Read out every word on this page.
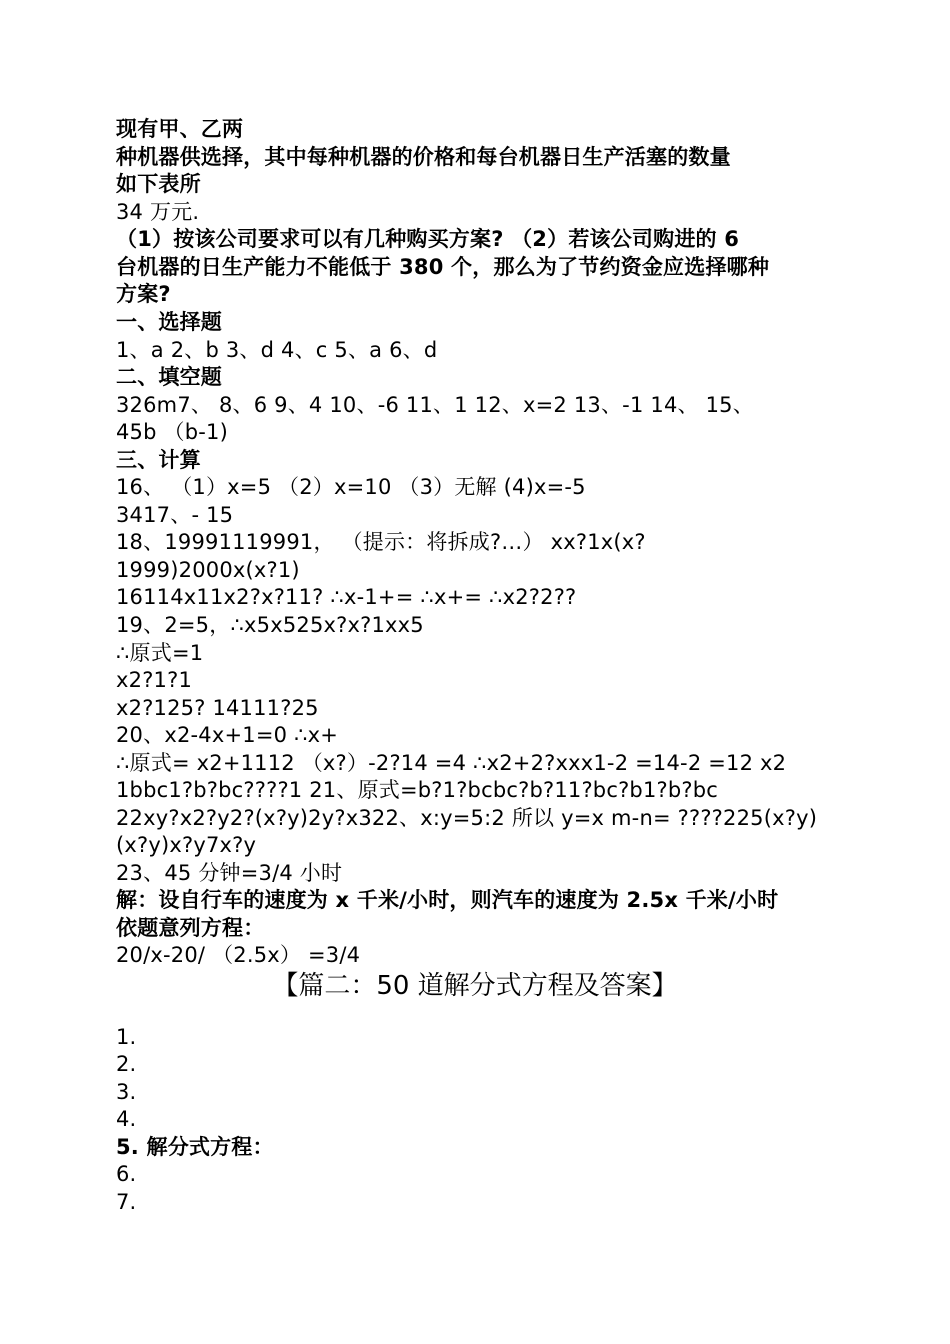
现有甲、乙两
种机器供选择，其中每种机器的价格和每台机器日生产活塞的数量
如下表所
34 万元.
（1）按该公司要求可以有几种购买方案? （2）若该公司购进的 6
台机器的日生产能力不能低于 380 个，那么为了节约资金应选择哪种
方案?
一、选择题
1、a 2、b 3、d 4、c 5、a 6、d
二、填空题
326m7、 8、6 9、4 10、-6 11、1 12、x=2 13、-1 14、 15、
45b （b-1)
三、计算
16、 （1）x=5 （2）x=10 （3）无解 (4)x=-5
3417、- 15
18、19991119991， （提示：将拆成?…） xx?1x(x?
1999)2000x(x?1)
16114x11x2?x?11? ∴x-1+= ∴x+= ∴x2?2??
19、2=5，∴x5x525x?x?1xx5
∴原式=1
x2?1?1
x2?125? 14111?25
20、x2-4x+1=0 ∴x+
∴原式= x2+1112 （x?）-2?14 =4 ∴x2+2?xxx1-2 =14-2 =12 x2
1bbc1?b?bc????1 21、原式=b?1?bcbc?b?11?bc?b1?b?bc
22xy?x2?y2?(x?y)2y?x322、x:y=5:2 所以 y=x m-n= ????225(x?y)
(x?y)x?y7x?y
23、45 分钟=3/4 小时
解：设自行车的速度为 x 千米/小时，则汽车的速度为 2.5x 千米/小时
依题意列方程：
20/x-20/ （2.5x） =3/4
【篇二：50 道解分式方程及答案】
1.
2.
3.
4.
5. 解分式方程：
6.
7.
